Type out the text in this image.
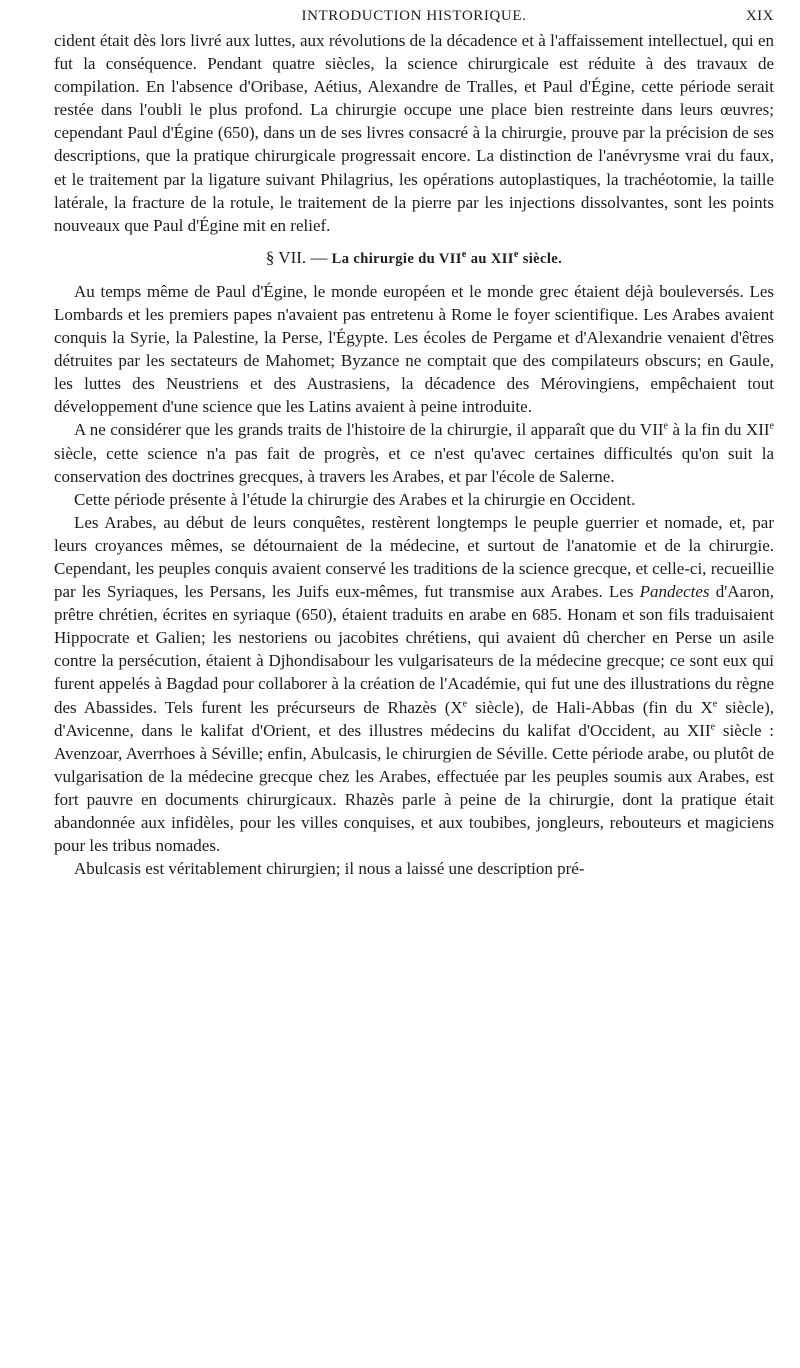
INTRODUCTION HISTORIQUE.	XIX

cident était dès lors livré aux luttes, aux révolutions de la décadence et à l'affaissement intellectuel, qui en fut la conséquence. Pendant quatre siècles, la science chirurgicale est réduite à des travaux de compilation. En l'absence d'Oribase, Aétius, Alexandre de Tralles, et Paul d'Égine, cette période serait restée dans l'oubli le plus profond. La chirurgie occupe une place bien restreinte dans leurs œuvres; cependant Paul d'Égine (650), dans un de ses livres consacré à la chirurgie, prouve par la précision de ses descriptions, que la pratique chirurgicale progressait encore. La distinction de l'anévrysme vrai du faux, et le traitement par la ligature suivant Philagrius, les opérations autoplastiques, la trachéotomie, la taille latérale, la fracture de la rotule, le traitement de la pierre par les injections dissolvantes, sont les points nouveaux que Paul d'Égine mit en relief.

§ VII. — La chirurgie du VIIe au XIIe siècle.

Au temps même de Paul d'Égine, le monde européen et le monde grec étaient déjà bouleversés. Les Lombards et les premiers papes n'avaient pas entretenu à Rome le foyer scientifique. Les Arabes avaient conquis la Syrie, la Palestine, la Perse, l'Égypte. Les écoles de Pergame et d'Alexandrie venaient d'êtres détruites par les sectateurs de Mahomet; Byzance ne comptait que des compilateurs obscurs; en Gaule, les luttes des Neustriens et des Austrasiens, la décadence des Mérovingiens, empêchaient tout développement d'une science que les Latins avaient à peine introduite.

A ne considérer que les grands traits de l'histoire de la chirurgie, il apparaît que du VIIe à la fin du XIIe siècle, cette science n'a pas fait de progrès, et ce n'est qu'avec certaines difficultés qu'on suit la conservation des doctrines grecques, à travers les Arabes, et par l'école de Salerne.

Cette période présente à l'étude la chirurgie des Arabes et la chirurgie en Occident.

Les Arabes, au début de leurs conquêtes, restèrent longtemps le peuple guerrier et nomade, et, par leurs croyances mêmes, se détournaient de la médecine, et surtout de l'anatomie et de la chirurgie. Cependant, les peuples conquis avaient conservé les traditions de la science grecque, et celle-ci, recueillie par les Syriaques, les Persans, les Juifs eux-mêmes, fut transmise aux Arabes. Les Pandectes d'Aaron, prêtre chrétien, écrites en syriaque (650), étaient traduits en arabe en 685. Honam et son fils traduisaient Hippocrate et Galien; les nestoriens ou jacobites chrétiens, qui avaient dû chercher en Perse un asile contre la persécution, étaient à Djhondisabour les vulgarisateurs de la médecine grecque; ce sont eux qui furent appelés à Bagdad pour collaborer à la création de l'Académie, qui fut une des illustrations du règne des Abassides. Tels furent les précurseurs de Rhazès (Xe siècle), de Hali-Abbas (fin du Xe siècle), d'Avicenne, dans le kalifat d'Orient, et des illustres médecins du kalifat d'Occident, au XIIe siècle : Avenzoar, Averrhoes à Séville; enfin, Abulcasis, le chirurgien de Séville. Cette période arabe, ou plutôt de vulgarisation de la médecine grecque chez les Arabes, effectuée par les peuples soumis aux Arabes, est fort pauvre en documents chirurgicaux. Rhazès parle à peine de la chirurgie, dont la pratique était abandonnée aux infidèles, pour les villes conquises, et aux toubibes, jongleurs, rebouteurs et magiciens pour les tribus nomades.

Abulcasis est véritablement chirurgien; il nous a laissé une description pré-
